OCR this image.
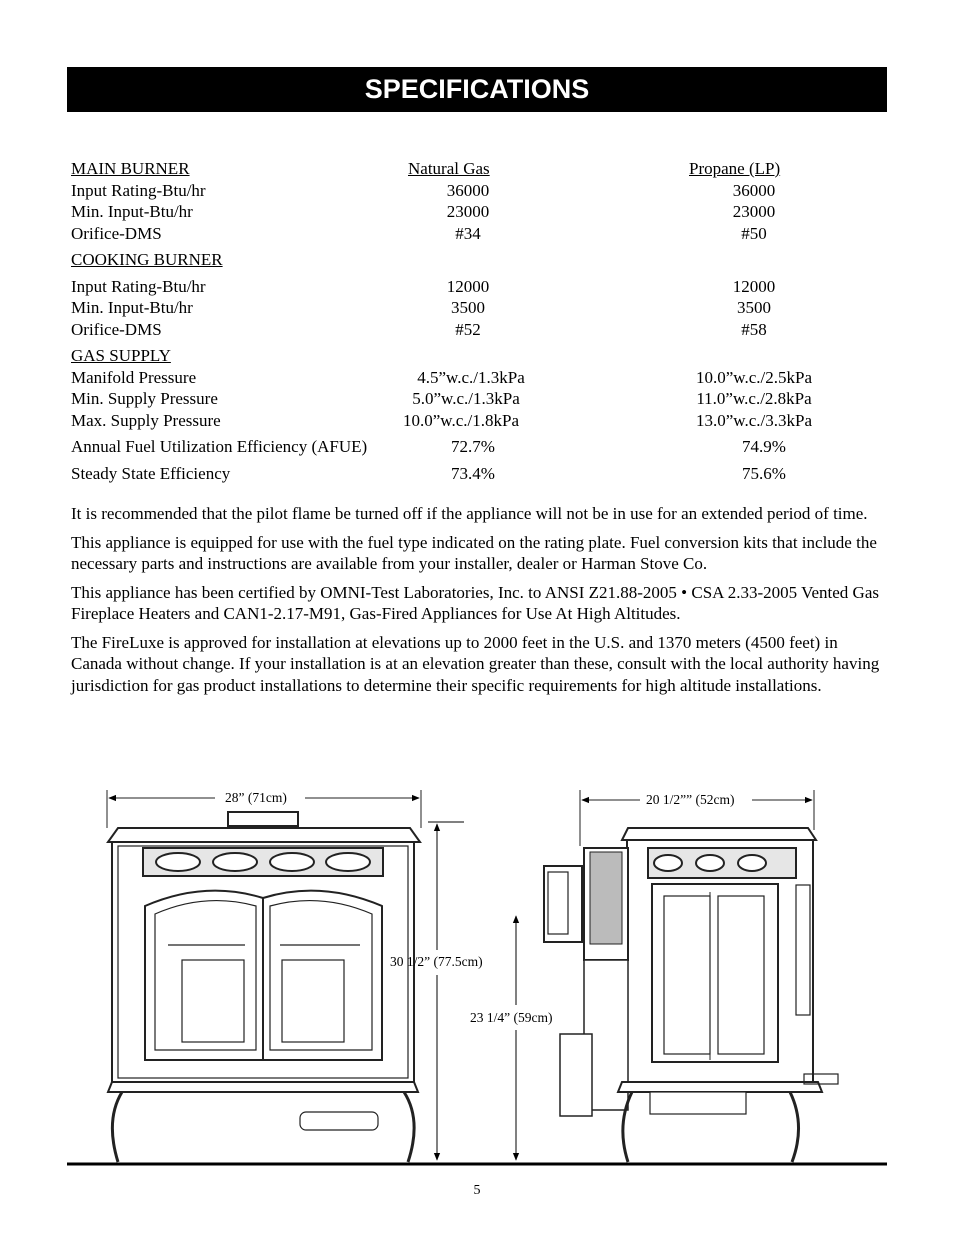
SPECIFICATIONS
MAIN BURNER	Natural Gas	Propane (LP)
Input Rating-Btu/hr	36000	36000
Min. Input-Btu/hr	23000	23000
Orifice-DMS	#34	#50
COOKING BURNER
Input Rating-Btu/hr	12000	12000
Min. Input-Btu/hr	3500	3500
Orifice-DMS	#52	#58
GAS SUPPLY
Manifold Pressure	4.5”w.c./1.3kPa	10.0”w.c./2.5kPa
Min. Supply Pressure	5.0”w.c./1.3kPa	11.0”w.c./2.8kPa
Max. Supply Pressure	10.0”w.c./1.8kPa	13.0”w.c./3.3kPa
Annual Fuel Utilization Efficiency (AFUE)	72.7%	74.9%
Steady State Efficiency	73.4%	75.6%

It is recommended that the pilot flame be turned off if the appliance will not be in use for an extended period of time.

This appliance is equipped for use with the fuel type indicated on the rating plate. Fuel conversion kits that include the necessary parts and instructions are available from your installer, dealer or Harman Stove Co.

This appliance has been certified by OMNI-Test Laboratories, Inc. to ANSI Z21.88-2005 • CSA 2.33-2005 Vented Gas Fireplace Heaters and CAN1-2.17-M91, Gas-Fired Appliances for Use At High Altitudes.

The FireLuxe is approved for installation at elevations up to 2000 feet in the U.S. and 1370 meters (4500 feet) in Canada without change. If your installation is at an elevation greater than these, consult with the local authority having jurisdiction for gas product installations to determine their specific requirements for high altitude installations.

28” (71cm)
30 1/2” (77.5cm)
20 1/2”” (52cm)
23 1/4” (59cm)
5
